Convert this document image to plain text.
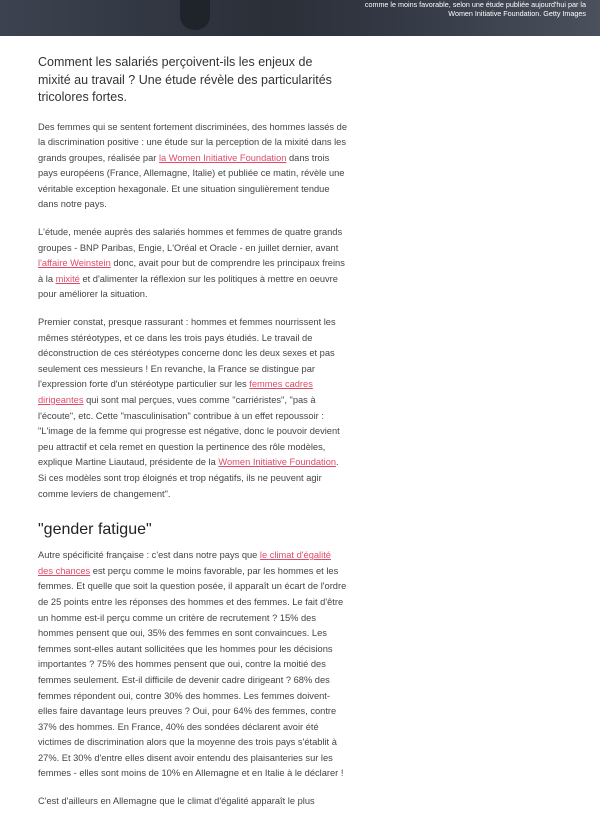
comme le moins favorable, selon une étude publiée aujourd'hui par la
Women Initiative Foundation. Getty Images

Comment les salariés perçoivent-ils les enjeux de mixité au travail ? Une étude révèle des particularités tricolores fortes.

Des femmes qui se sentent fortement discriminées, des hommes lassés de la discrimination positive : une étude sur la perception de la mixité dans les grands groupes, réalisée par la Women Initiative Foundation dans trois pays européens (France, Allemagne, Italie) et publiée ce matin, révèle une véritable exception hexagonale. Et une situation singulièrement tendue dans notre pays.

L'étude, menée auprès des salariés hommes et femmes de quatre grands groupes - BNP Paribas, Engie, L'Oréal et Oracle - en juillet dernier, avant l'affaire Weinstein donc, avait pour but de comprendre les principaux freins à la mixité et d'alimenter la réflexion sur les politiques à mettre en oeuvre pour améliorer la situation.

Premier constat, presque rassurant : hommes et femmes nourrissent les mêmes stéréotypes, et ce dans les trois pays étudiés. Le travail de déconstruction de ces stéréotypes concerne donc les deux sexes et pas seulement ces messieurs ! En revanche, la France se distingue par l'expression forte d'un stéréotype particulier sur les femmes cadres dirigeantes qui sont mal perçues, vues comme "carriéristes", "pas à l'écoute", etc. Cette "masculinisation" contribue à un effet repoussoir : "L'image de la femme qui progresse est négative, donc le pouvoir devient peu attractif et cela remet en question la pertinence des rôle modèles, explique Martine Liautaud, présidente de la Women Initiative Foundation. Si ces modèles sont trop éloignés et trop négatifs, ils ne peuvent agir comme leviers de changement".

"gender fatigue"

Autre spécificité française : c'est dans notre pays que le climat d'égalité des chances est perçu comme le moins favorable, par les hommes et les femmes. Et quelle que soit la question posée, il apparaît un écart de l'ordre de 25 points entre les réponses des hommes et des femmes. Le fait d'être un homme est-il perçu comme un critère de recrutement ? 15% des hommes pensent que oui, 35% des femmes en sont convaincues. Les femmes sont-elles autant sollicitées que les hommes pour les décisions importantes ? 75% des hommes pensent que oui, contre la moitié des femmes seulement. Est-il difficile de devenir cadre dirigeant ? 68% des femmes répondent oui, contre 30% des hommes. Les femmes doivent-elles faire davantage leurs preuves ? Oui, pour 64% des femmes, contre 37% des hommes. En France, 40% des sondées déclarent avoir été victimes de discrimination alors que la moyenne des trois pays s'établit à 27%. Et 30% d'entre elles disent avoir entendu des plaisanteries sur les femmes - elles sont moins de 10% en Allemagne et en Italie à le déclarer !

C'est d'ailleurs en Allemagne que le climat d'égalité apparaît le plus
